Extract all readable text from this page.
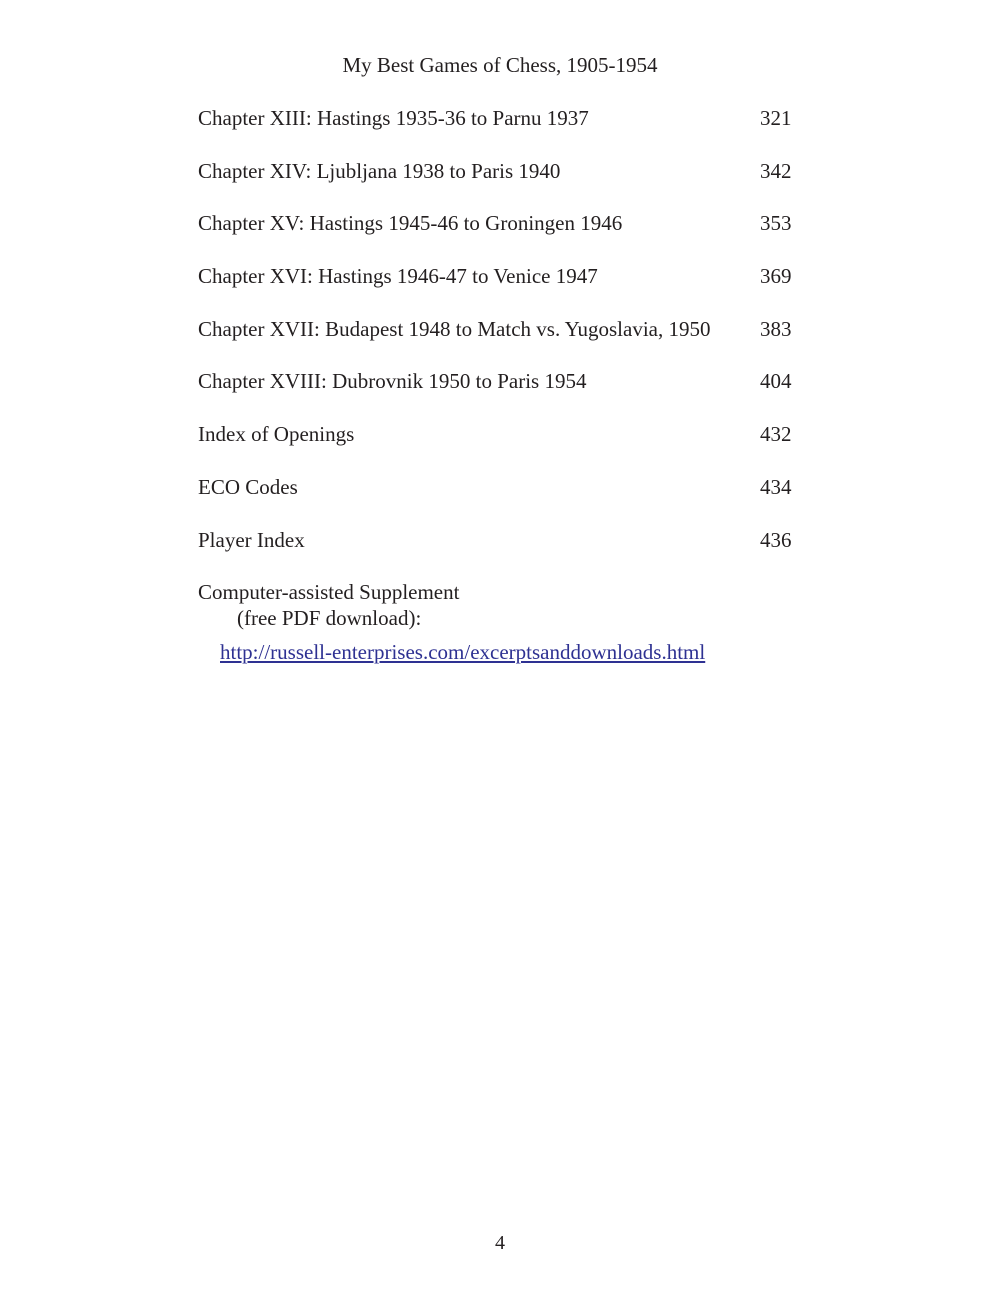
My Best Games of Chess, 1905-1954
Chapter XIII: Hastings 1935-36 to Parnu 1937	321
Chapter XIV: Ljubljana 1938 to Paris 1940	342
Chapter XV: Hastings 1945-46 to Groningen 1946	353
Chapter XVI: Hastings 1946-47 to Venice 1947	369
Chapter XVII: Budapest 1948 to Match vs. Yugoslavia, 1950 383
Chapter XVIII: Dubrovnik 1950 to Paris 1954	404
Index of Openings	432
ECO Codes	434
Player Index	436
Computer-assisted Supplement
(free PDF download):
http://russell-enterprises.com/excerptsanddownloads.html
4
